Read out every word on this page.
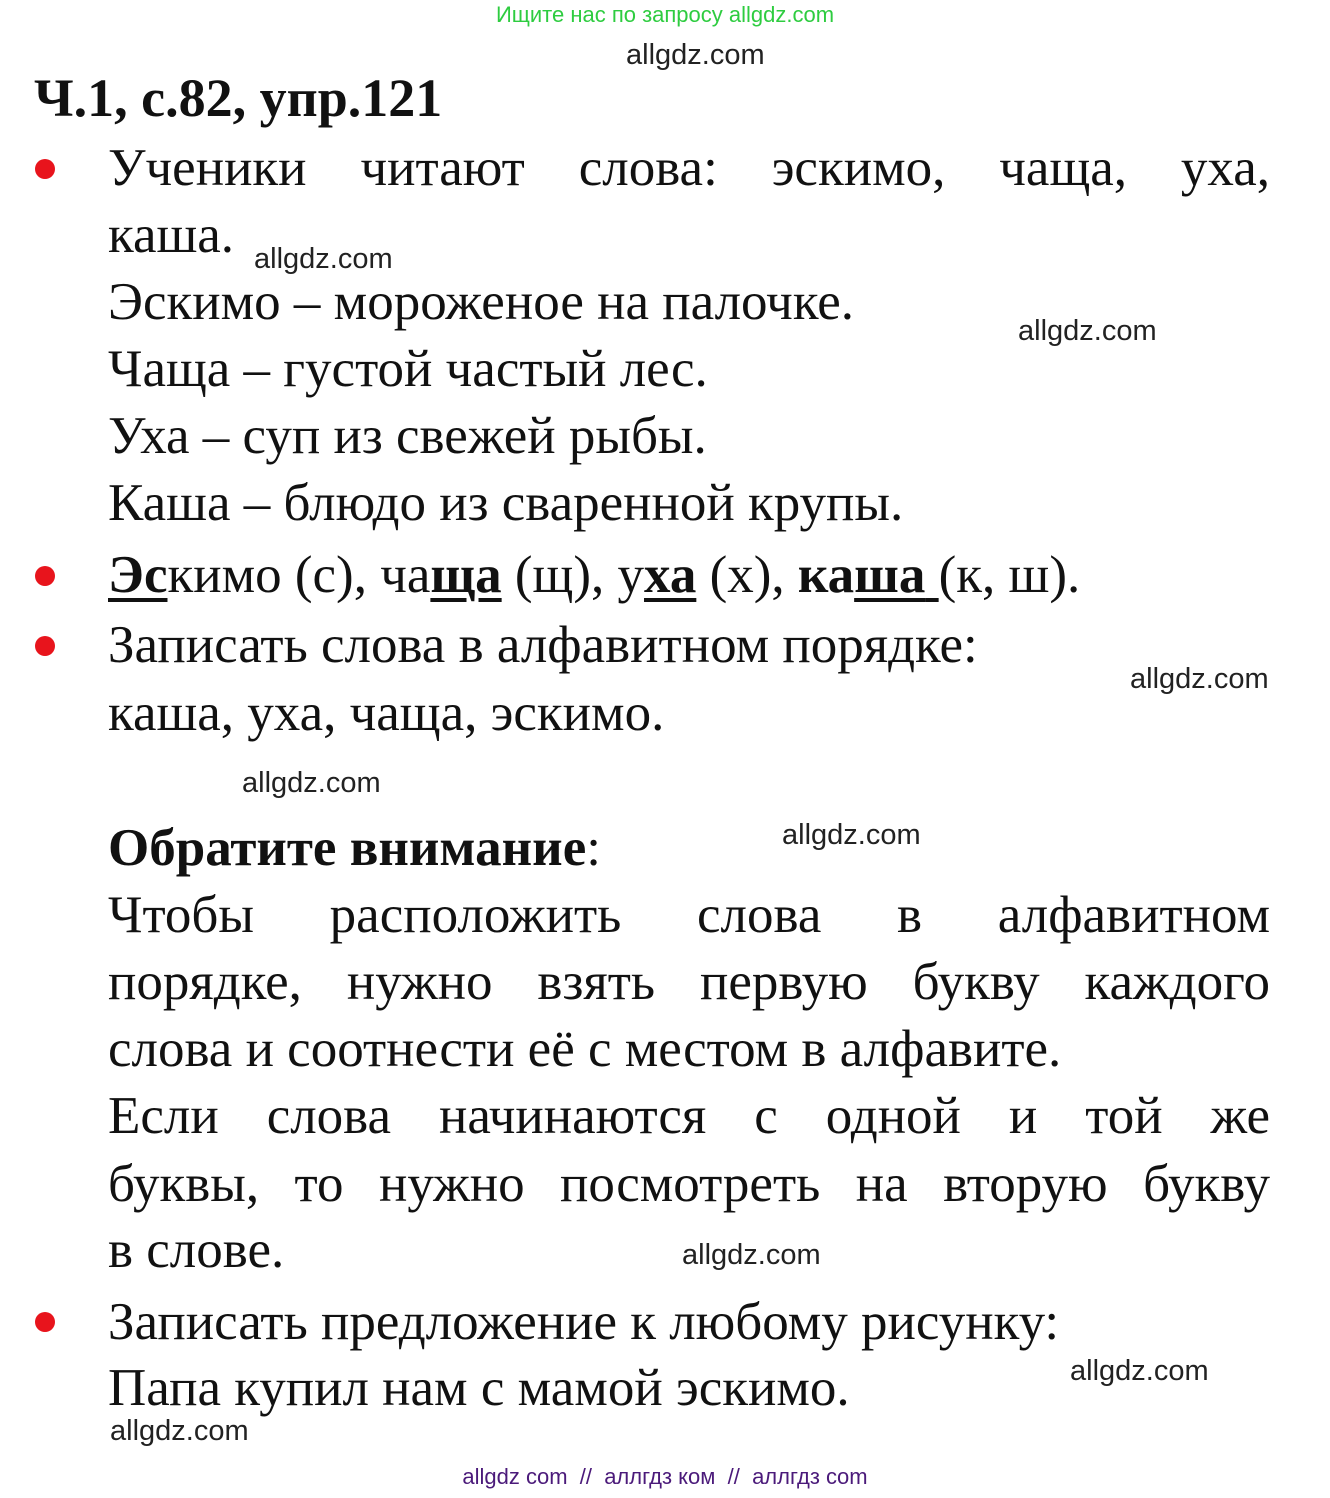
Ищите нас по запросу allgdz.com
allgdz.com
Ч.1, с.82, упр.121
Ученики читают слова: эскимо, чаща, уха,
каша. allgdz.com
Эскимо – мороженое на палочке.	allgdz.com
Чаща – густой частый лес.
Уха – суп из свежей рыбы.
Каша – блюдо из сваренной крупы.
Эскимо (с), чаща (щ), уха (х), каша (к, ш).
Записать слова в алфавитном порядке:
allgdz.com
каша, уха, чаща, эскимо.
allgdz.com
Обратите внимание:	allgdz.com
Чтобы расположить слова в алфавитном
порядке, нужно взять первую букву каждого
слова и соотнести её с местом в алфавите.
Если слова начинаются с одной и той же
буквы, то нужно посмотреть на вторую букву
в слове.	allgdz.com
Записать предложение к любому рисунку:
allgdz.com
Папа купил нам с мамой эскимо.
allgdz.com
allgdz com  //  аллгдз ком  //  аллгдз com
